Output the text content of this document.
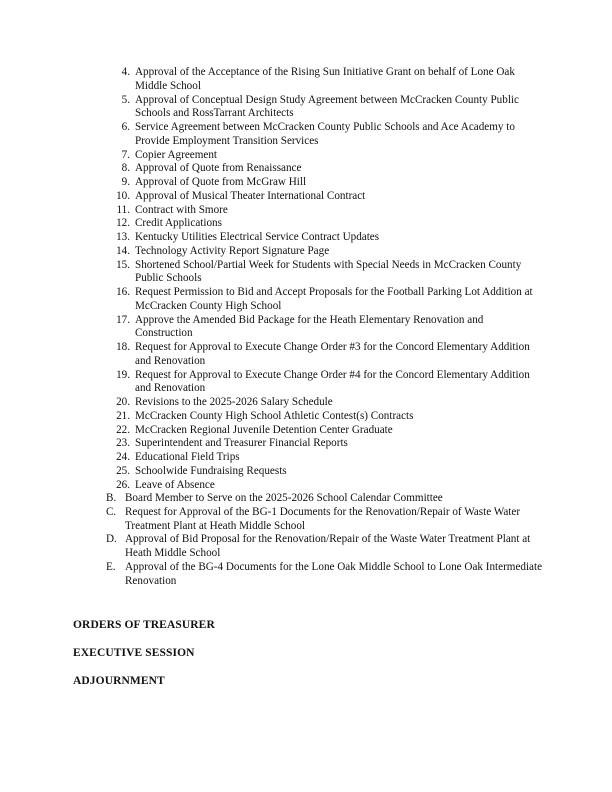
4. Approval of the Acceptance of the Rising Sun Initiative Grant on behalf of Lone Oak Middle School
5. Approval of Conceptual Design Study Agreement between McCracken County Public Schools and RossTarrant Architects
6. Service Agreement between McCracken County Public Schools and Ace Academy to Provide Employment Transition Services
7. Copier Agreement
8. Approval of Quote from Renaissance
9. Approval of Quote from McGraw Hill
10. Approval of Musical Theater International Contract
11. Contract with Smore
12. Credit Applications
13. Kentucky Utilities Electrical Service Contract Updates
14. Technology Activity Report Signature Page
15. Shortened School/Partial Week for Students with Special Needs in McCracken County Public Schools
16. Request Permission to Bid and Accept Proposals for the Football Parking Lot Addition at McCracken County High School
17. Approve the Amended Bid Package for the Heath Elementary Renovation and Construction
18. Request for Approval to Execute Change Order #3 for the Concord Elementary Addition and Renovation
19. Request for Approval to Execute Change Order #4 for the Concord Elementary Addition and Renovation
20. Revisions to the 2025-2026 Salary Schedule
21. McCracken County High School Athletic Contest(s) Contracts
22. McCracken Regional Juvenile Detention Center Graduate
23. Superintendent and Treasurer Financial Reports
24. Educational Field Trips
25. Schoolwide Fundraising Requests
26. Leave of Absence
B. Board Member to Serve on the 2025-2026 School Calendar Committee
C. Request for Approval of the BG-1 Documents for the Renovation/Repair of Waste Water Treatment Plant at Heath Middle School
D. Approval of Bid Proposal for the Renovation/Repair of the Waste Water Treatment Plant at Heath Middle School
E. Approval of the BG-4 Documents for the Lone Oak Middle School to Lone Oak Intermediate Renovation
ORDERS OF TREASURER
EXECUTIVE SESSION
ADJOURNMENT
